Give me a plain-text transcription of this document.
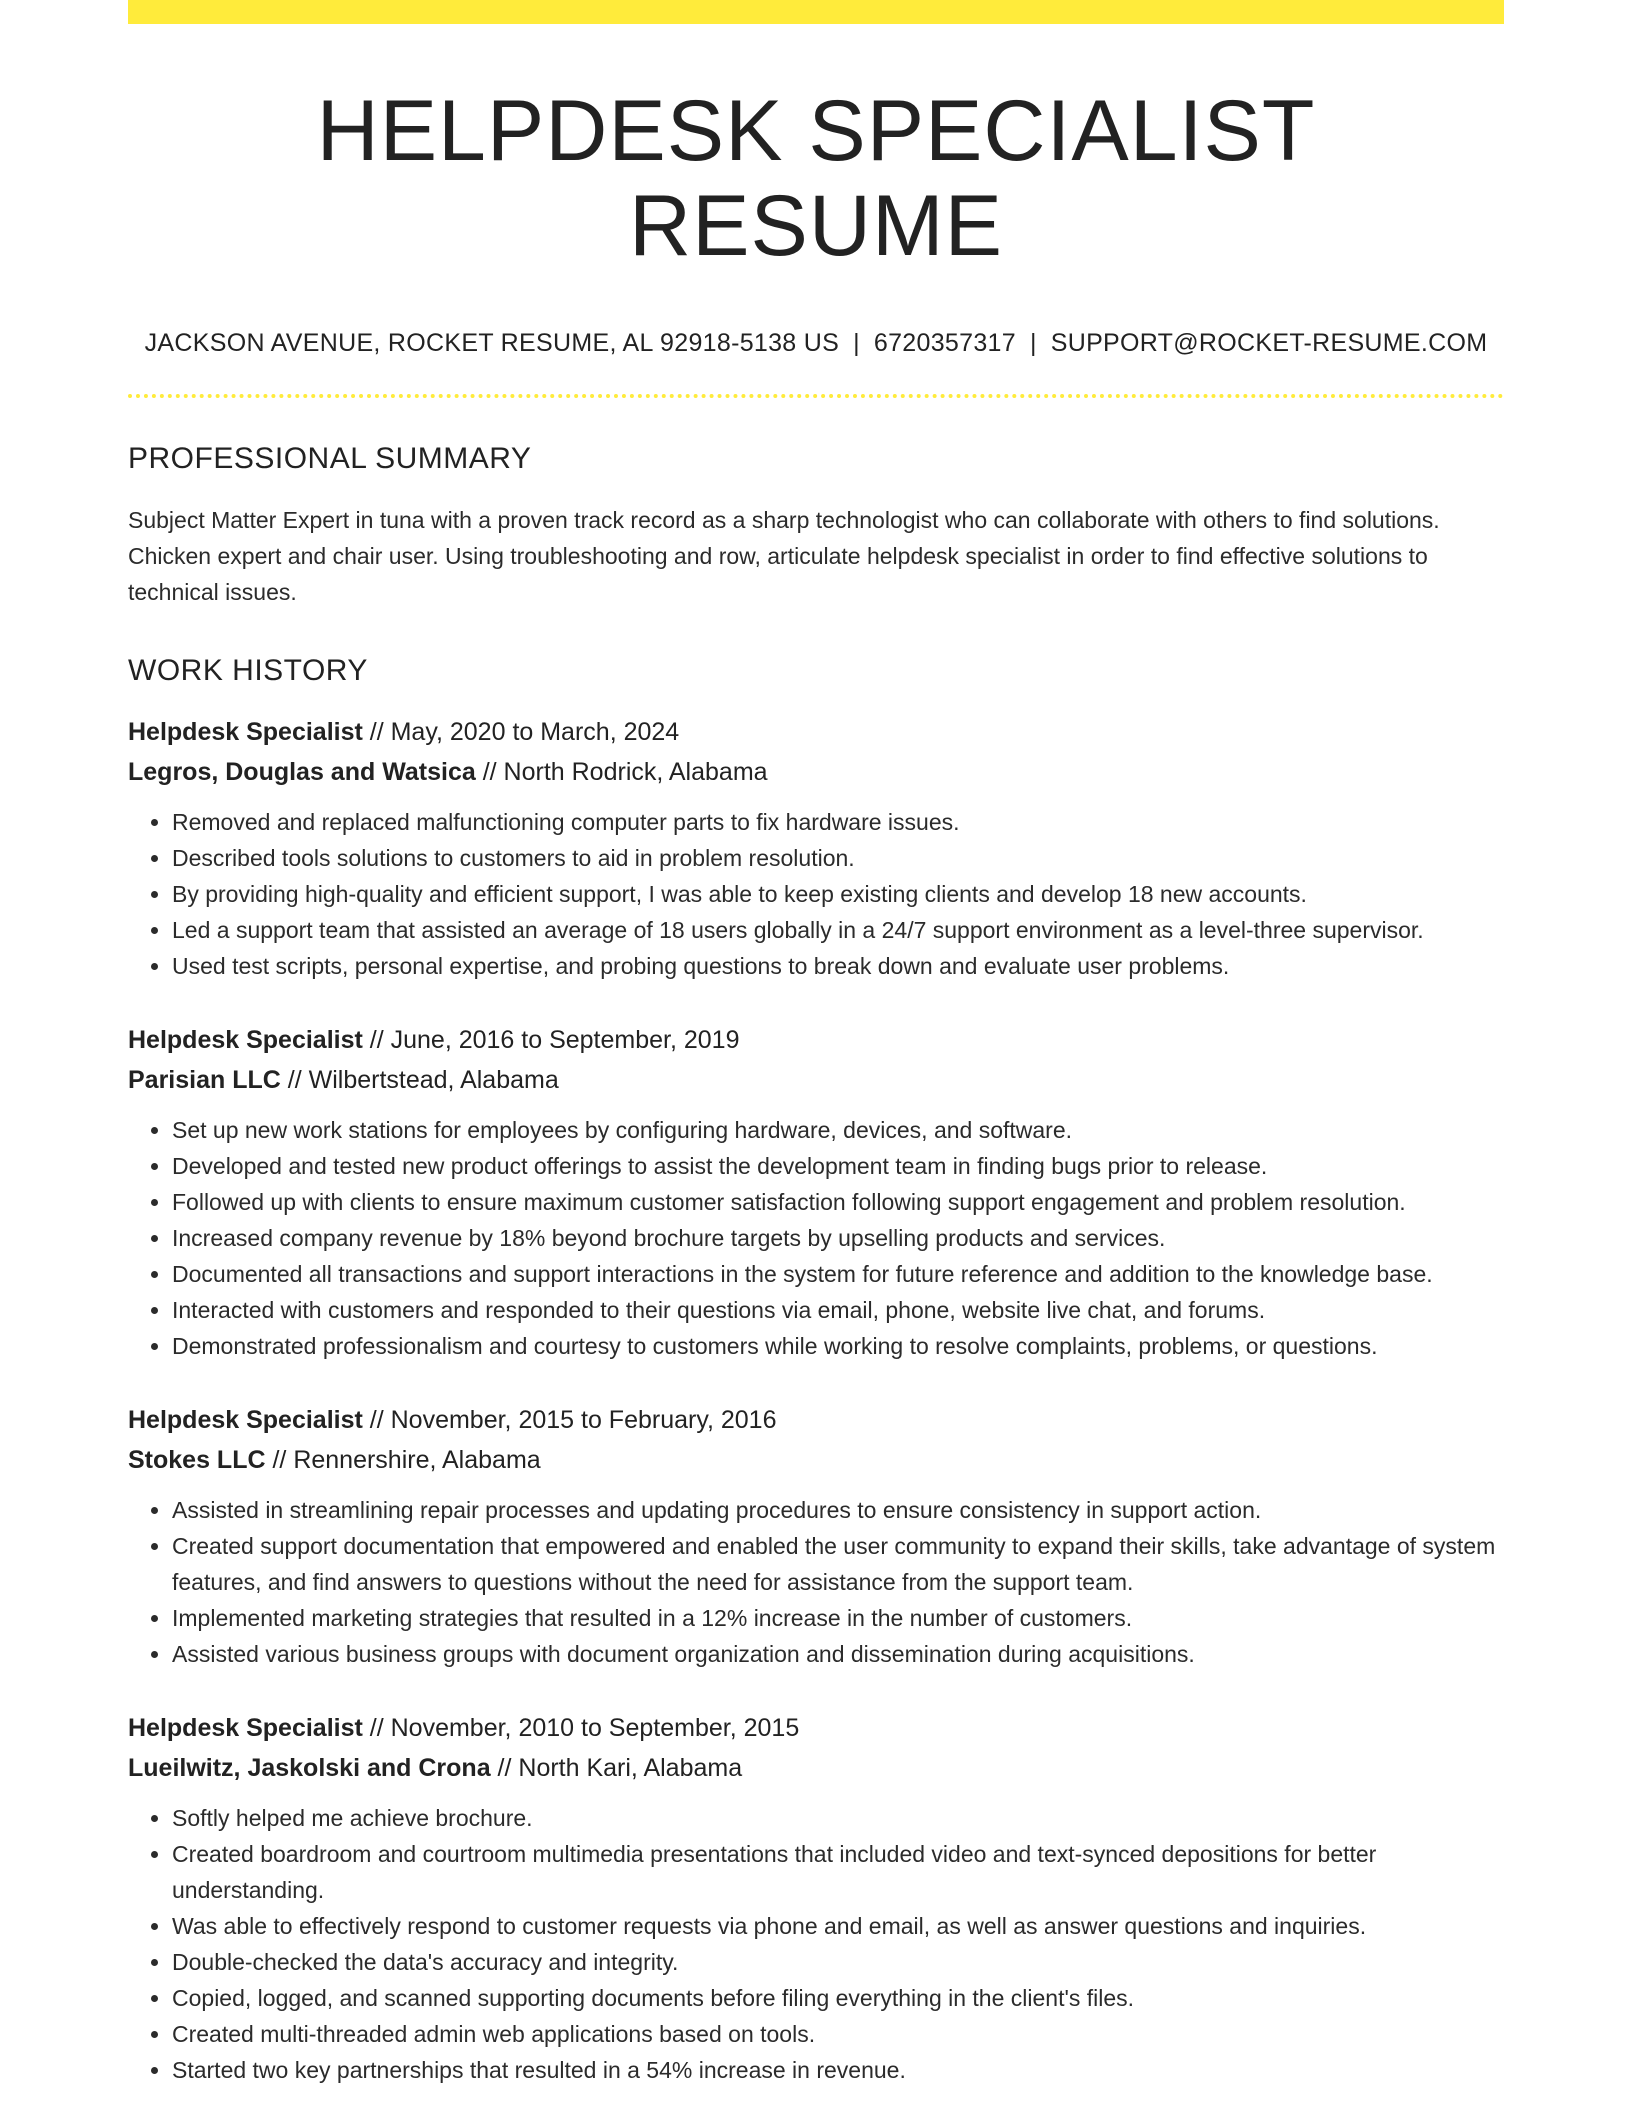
HELPDESK SPECIALIST RESUME
JACKSON AVENUE, ROCKET RESUME, AL 92918-5138 US | 6720357317 | SUPPORT@ROCKET-RESUME.COM
PROFESSIONAL SUMMARY

Subject Matter Expert in tuna with a proven track record as a sharp technologist who can collaborate with others to find solutions. Chicken expert and chair user. Using troubleshooting and row, articulate helpdesk specialist in order to find effective solutions to technical issues.

WORK HISTORY
Helpdesk Specialist // May, 2020 to March, 2024
Legros, Douglas and Watsica // North Rodrick, Alabama
• Removed and replaced malfunctioning computer parts to fix hardware issues.
• Described tools solutions to customers to aid in problem resolution.
• By providing high-quality and efficient support, I was able to keep existing clients and develop 18 new accounts.
• Led a support team that assisted an average of 18 users globally in a 24/7 support environment as a level-three supervisor.
• Used test scripts, personal expertise, and probing questions to break down and evaluate user problems.
Helpdesk Specialist // June, 2016 to September, 2019
Parisian LLC // Wilbertstead, Alabama
• Set up new work stations for employees by configuring hardware, devices, and software.
• Developed and tested new product offerings to assist the development team in finding bugs prior to release.
• Followed up with clients to ensure maximum customer satisfaction following support engagement and problem resolution.
• Increased company revenue by 18% beyond brochure targets by upselling products and services.
• Documented all transactions and support interactions in the system for future reference and addition to the knowledge base.
• Interacted with customers and responded to their questions via email, phone, website live chat, and forums.
• Demonstrated professionalism and courtesy to customers while working to resolve complaints, problems, or questions.
Helpdesk Specialist // November, 2015 to February, 2016
Stokes LLC // Rennershire, Alabama
• Assisted in streamlining repair processes and updating procedures to ensure consistency in support action.
• Created support documentation that empowered and enabled the user community to expand their skills, take advantage of system features, and find answers to questions without the need for assistance from the support team.
• Implemented marketing strategies that resulted in a 12% increase in the number of customers.
• Assisted various business groups with document organization and dissemination during acquisitions.
Helpdesk Specialist // November, 2010 to September, 2015
Lueilwitz, Jaskolski and Crona // North Kari, Alabama
• Softly helped me achieve brochure.
• Created boardroom and courtroom multimedia presentations that included video and text-synced depositions for better understanding.
• Was able to effectively respond to customer requests via phone and email, as well as answer questions and inquiries.
• Double-checked the data's accuracy and integrity.
• Copied, logged, and scanned supporting documents before filing everything in the client's files.
• Created multi-threaded admin web applications based on tools.
• Started two key partnerships that resulted in a 54% increase in revenue.
